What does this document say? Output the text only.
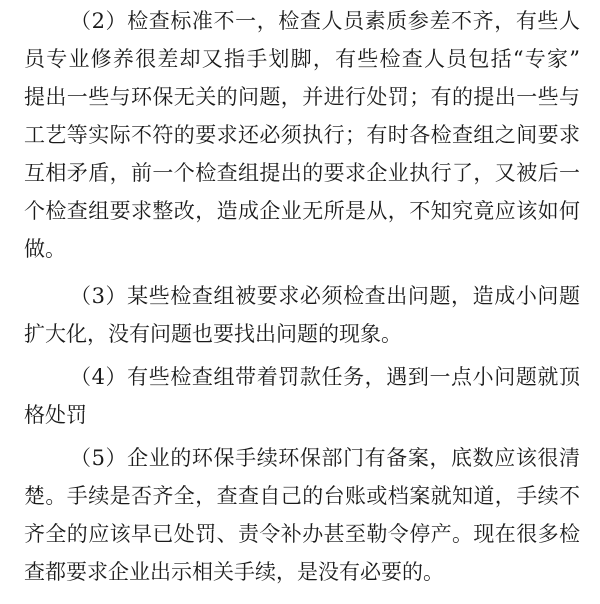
（2）检查标准不一，检查人员素质参差不齐，有些人
员专业修养很差却又指手划脚，有些检查人员包括“专家”
提出一些与环保无关的问题，并进行处罚；有的提出一些与
工艺等实际不符的要求还必须执行；有时各检查组之间要求
互相矛盾，前一个检查组提出的要求企业执行了，又被后一
个检查组要求整改，造成企业无所是从，不知究竟应该如何
做。
（3）某些检查组被要求必须检查出问题，造成小问题
扩大化，没有问题也要找出问题的现象。
（4）有些检查组带着罚款任务，遇到一点小问题就顶
格处罚
（5）企业的环保手续环保部门有备案，底数应该很清
楚。手续是否齐全，查查自己的台账或档案就知道，手续不
齐全的应该早已处罚、责令补办甚至勒令停产。现在很多检
查都要求企业出示相关手续，是没有必要的。
